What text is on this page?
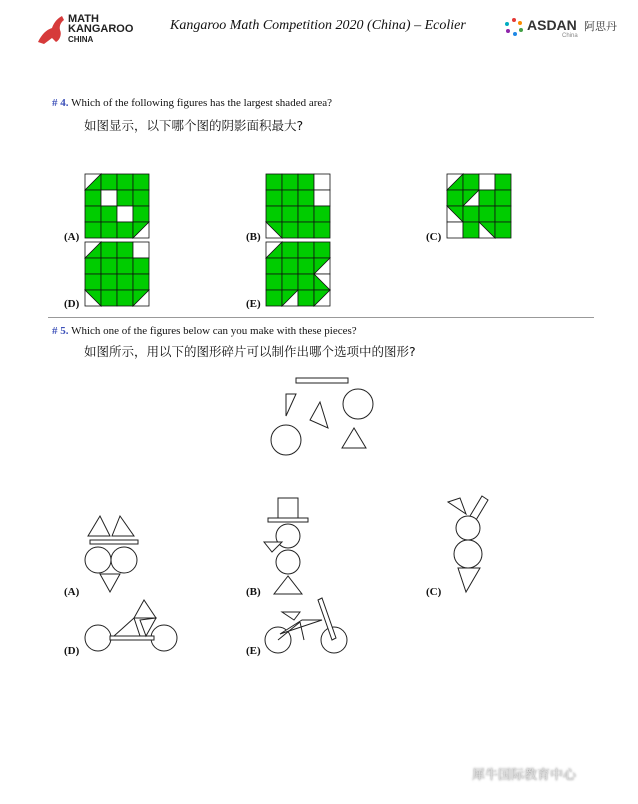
MATH
KANGAROO
CHINA
Kangaroo Math Competition 2020 (China) – Ecolier	ASDAN 阿思丹
China
# 4. Which of the following figures has the largest shaded area?
如图显示，以下哪个图的阴影面积最大?
(A)	(B)	(C)
(D)	(E)
# 5. Which one of the figures below can you make with these pieces?
如图所示，用以下的图形碎片可以制作出哪个选项中的图形?
(A)	(B)	(C)
(D)	(E)
犀牛国际教育中心
